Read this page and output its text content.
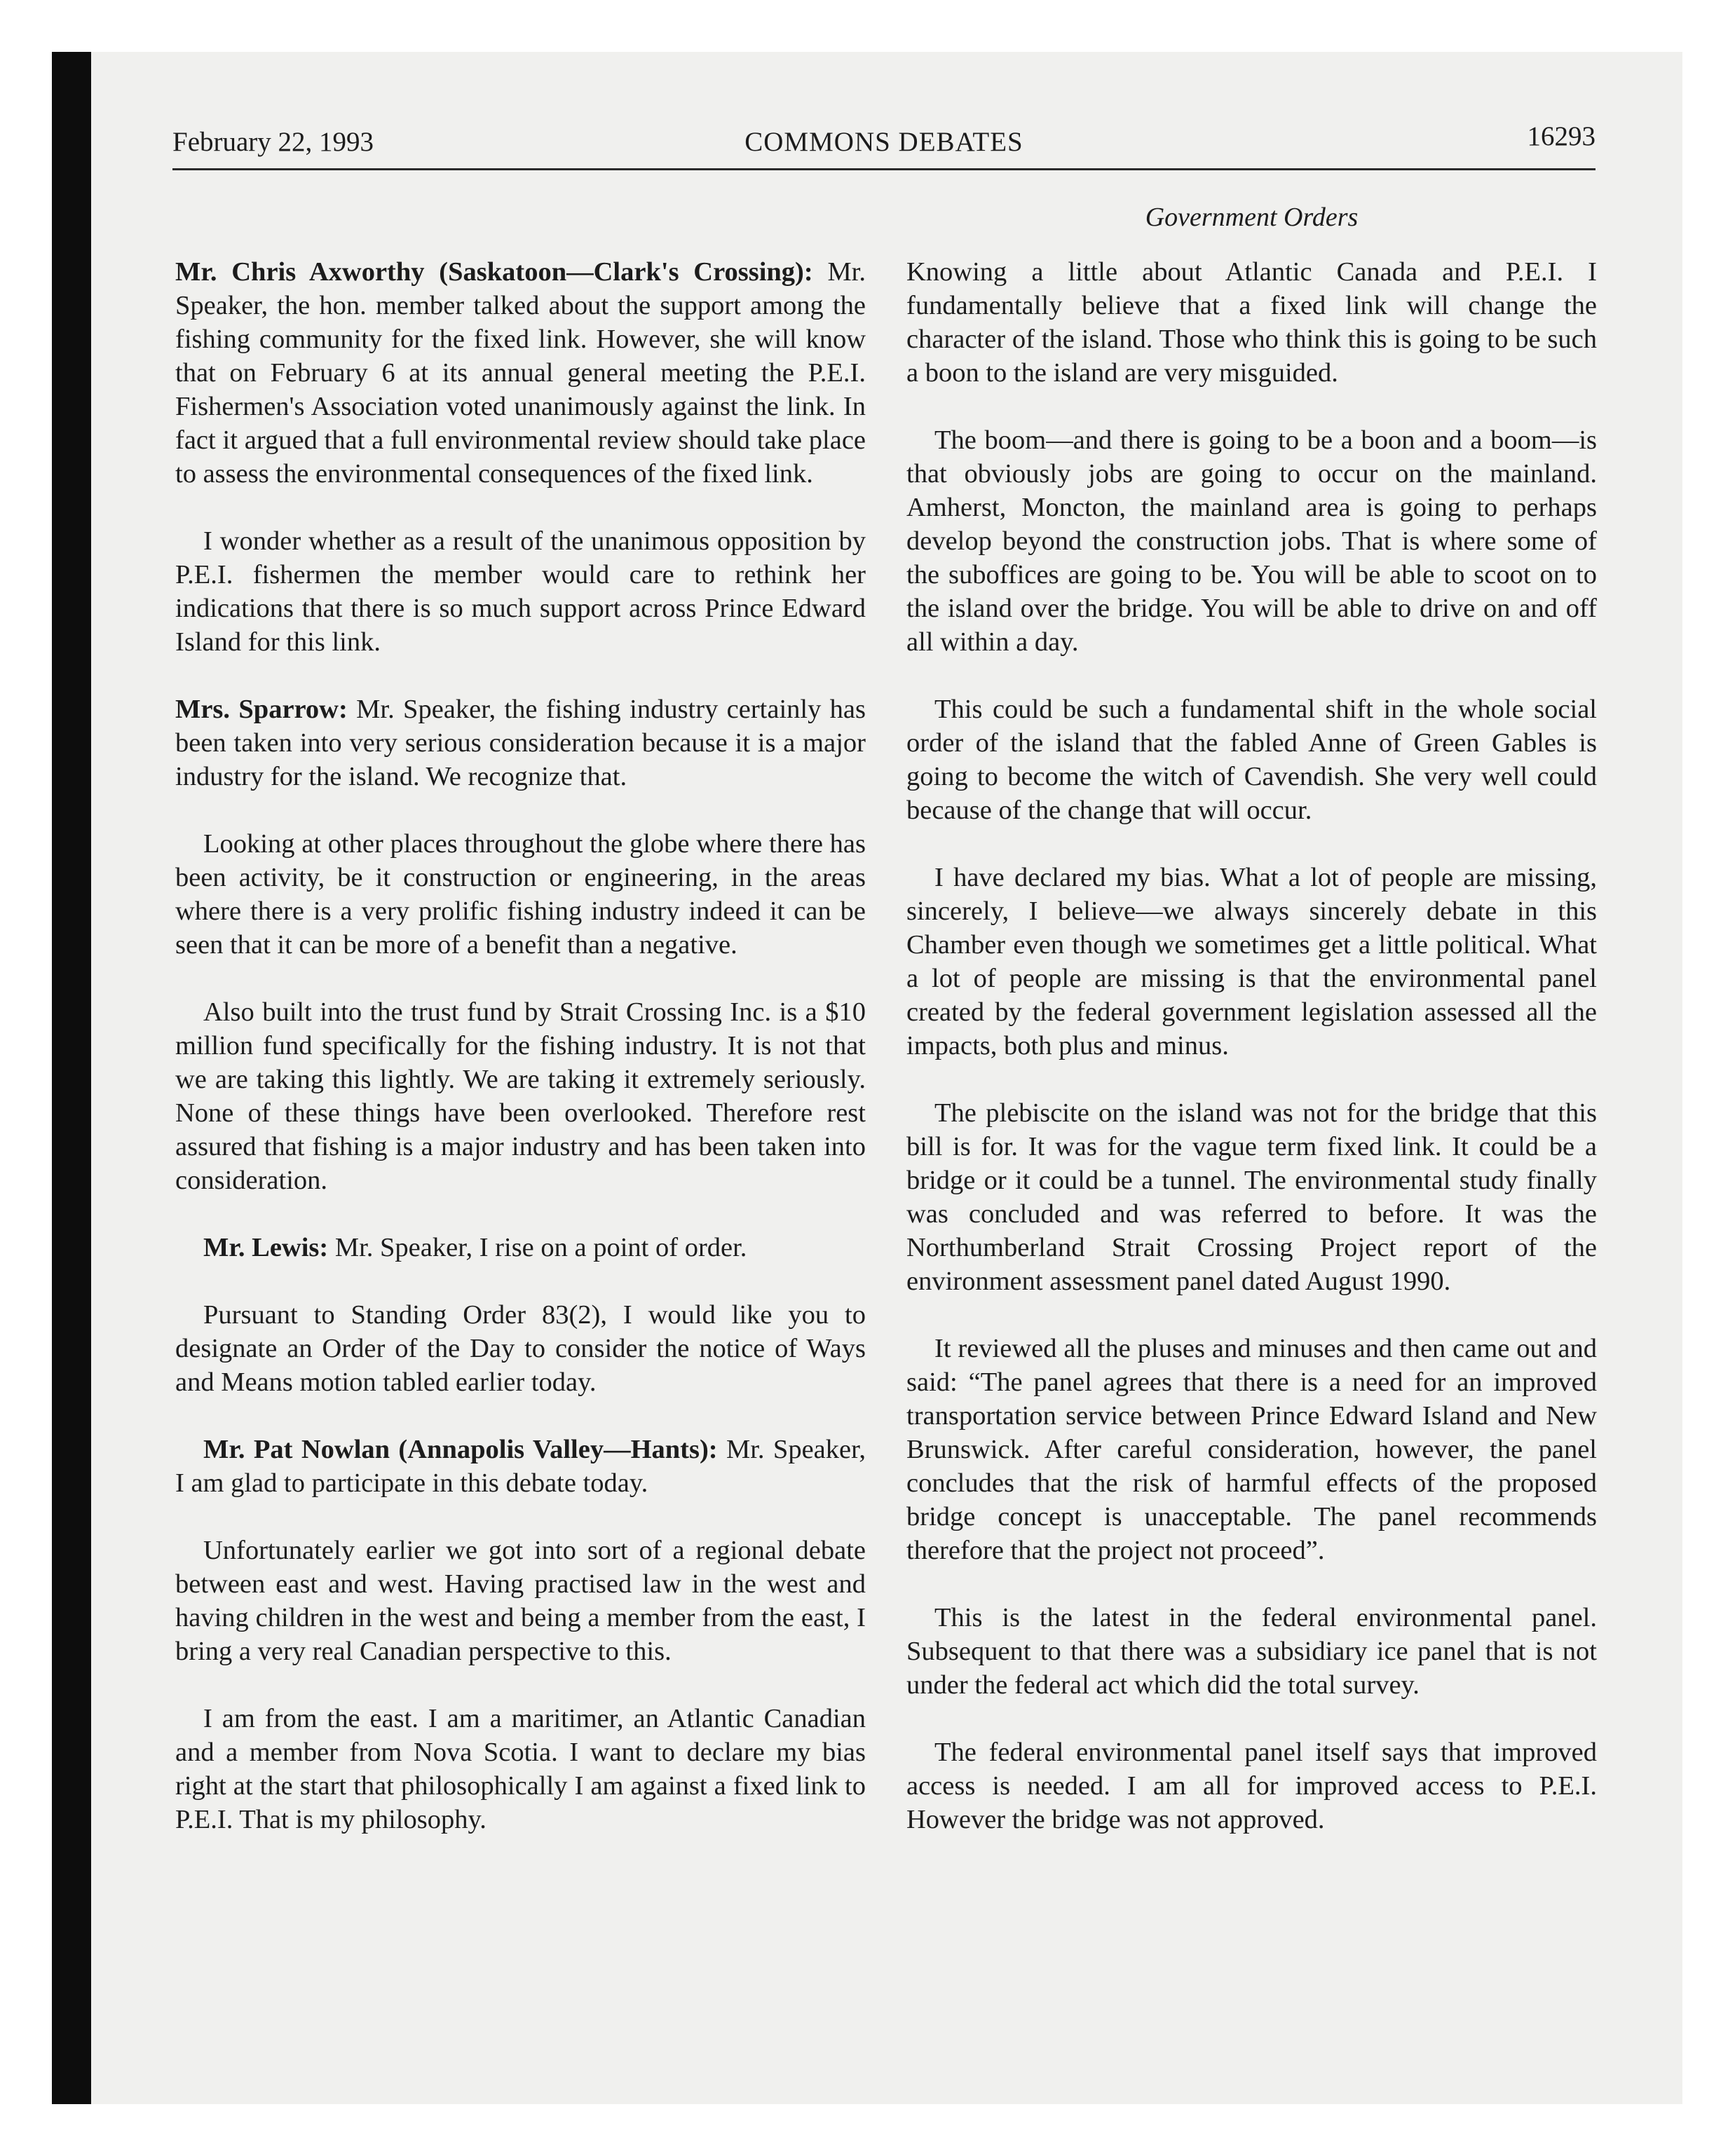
February 22, 1993	COMMONS DEBATES	16293
Government Orders

Mr. Chris Axworthy (Saskatoon—Clark's Crossing): Mr. Speaker, the hon. member talked about the support among the fishing community for the fixed link. However, she will know that on February 6 at its annual general meeting the P.E.I. Fishermen's Association voted unanimously against the link. In fact it argued that a full environmental review should take place to assess the environmental consequences of the fixed link.

I wonder whether as a result of the unanimous opposition by P.E.I. fishermen the member would care to rethink her indications that there is so much support across Prince Edward Island for this link.

Mrs. Sparrow: Mr. Speaker, the fishing industry certainly has been taken into very serious consideration because it is a major industry for the island. We recognize that.

Looking at other places throughout the globe where there has been activity, be it construction or engineering, in the areas where there is a very prolific fishing industry indeed it can be seen that it can be more of a benefit than a negative.

Also built into the trust fund by Strait Crossing Inc. is a $10 million fund specifically for the fishing industry. It is not that we are taking this lightly. We are taking it extremely seriously. None of these things have been overlooked. Therefore rest assured that fishing is a major industry and has been taken into consideration.

Mr. Lewis: Mr. Speaker, I rise on a point of order.

Pursuant to Standing Order 83(2), I would like you to designate an Order of the Day to consider the notice of Ways and Means motion tabled earlier today.

Mr. Pat Nowlan (Annapolis Valley—Hants): Mr. Speaker, I am glad to participate in this debate today.

Unfortunately earlier we got into sort of a regional debate between east and west. Having practised law in the west and having children in the west and being a member from the east, I bring a very real Canadian perspective to this.

I am from the east. I am a maritimer, an Atlantic Canadian and a member from Nova Scotia. I want to declare my bias right at the start that philosophically I am against a fixed link to P.E.I. That is my philosophy.

Knowing a little about Atlantic Canada and P.E.I. I fundamentally believe that a fixed link will change the character of the island. Those who think this is going to be such a boon to the island are very misguided.

The boom—and there is going to be a boon and a boom—is that obviously jobs are going to occur on the mainland. Amherst, Moncton, the mainland area is going to perhaps develop beyond the construction jobs. That is where some of the suboffices are going to be. You will be able to scoot on to the island over the bridge. You will be able to drive on and off all within a day.

This could be such a fundamental shift in the whole social order of the island that the fabled Anne of Green Gables is going to become the witch of Cavendish. She very well could because of the change that will occur.

I have declared my bias. What a lot of people are missing, sincerely, I believe—we always sincerely debate in this Chamber even though we sometimes get a little political. What a lot of people are missing is that the environmental panel created by the federal government legislation assessed all the impacts, both plus and minus.

The plebiscite on the island was not for the bridge that this bill is for. It was for the vague term fixed link. It could be a bridge or it could be a tunnel. The environmental study finally was concluded and was referred to before. It was the Northumberland Strait Crossing Project report of the environment assessment panel dated August 1990.

It reviewed all the pluses and minuses and then came out and said: “The panel agrees that there is a need for an improved transportation service between Prince Edward Island and New Brunswick. After careful consideration, however, the panel concludes that the risk of harmful effects of the proposed bridge concept is unacceptable. The panel recommends therefore that the project not proceed”.

This is the latest in the federal environmental panel. Subsequent to that there was a subsidiary ice panel that is not under the federal act which did the total survey.

The federal environmental panel itself says that improved access is needed. I am all for improved access to P.E.I. However the bridge was not approved.
